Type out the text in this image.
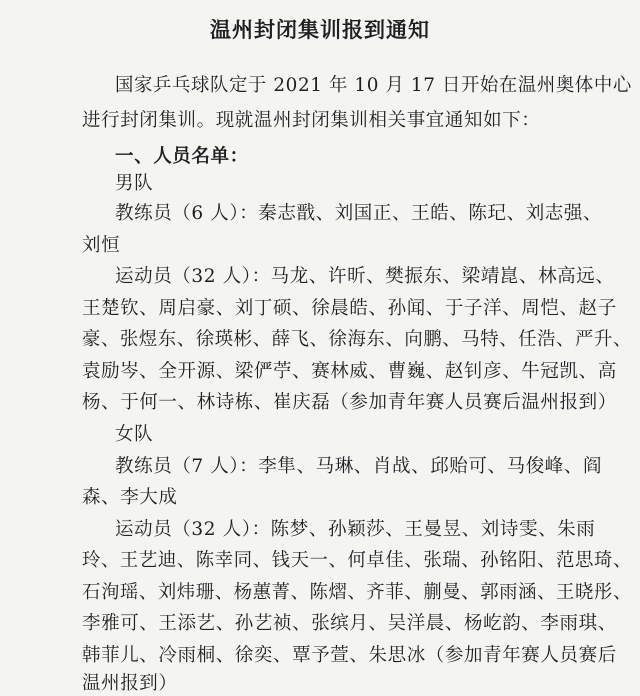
温州封闭集训报到通知
国家乒乓球队定于 2021 年 10 月 17 日开始在温州奥体中心
进行封闭集训。现就温州封闭集训相关事宜通知如下：
一、人员名单：
男队
教练员（6 人）：秦志戬、刘国正、王皓、陈玘、刘志强、
刘恒
运动员（32 人）：马龙、许昕、樊振东、梁靖崑、林高远、
王楚钦、周启豪、刘丁硕、徐晨皓、孙闻、于子洋、周恺、赵子
豪、张煜东、徐瑛彬、薛飞、徐海东、向鹏、马特、任浩、严升、
袁励岑、全开源、梁俨苧、赛林威、曹巍、赵钊彦、牛冠凯、高
杨、于何一、林诗栋、崔庆磊（参加青年赛人员赛后温州报到）
女队
教练员（7 人）：李隼、马琳、肖战、邱贻可、马俊峰、阎
森、李大成
运动员（32 人）：陈梦、孙颖莎、王曼昱、刘诗雯、朱雨
玲、王艺迪、陈幸同、钱天一、何卓佳、张瑞、孙铭阳、范思琦、
石洵瑶、刘炜珊、杨蕙菁、陈熠、齐菲、蒯曼、郭雨涵、王晓彤、
李雅可、王添艺、孙艺祯、张缤月、吴洋晨、杨屹韵、李雨琪、
韩菲儿、冷雨桐、徐奕、覃予萱、朱思冰（参加青年赛人员赛后
温州报到）
